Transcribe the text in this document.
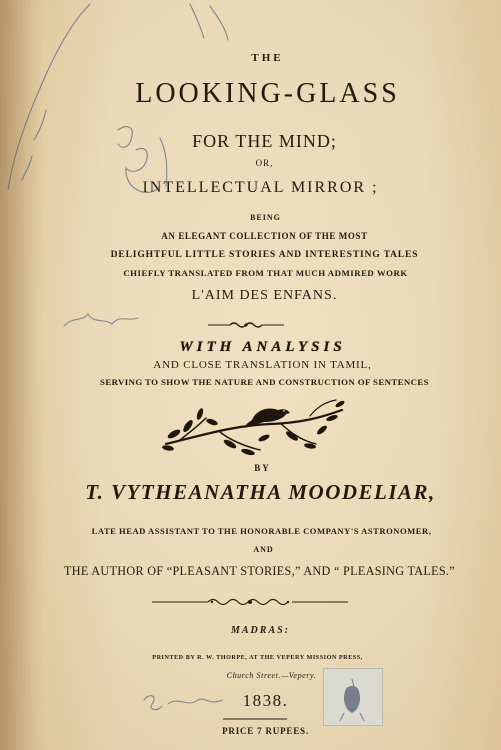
THE
LOOKING-GLASS
FOR THE MIND;
OR,
INTELLECTUAL MIRROR ;
BEING
AN ELEGANT COLLECTION OF THE MOST
DELIGHTFUL LITTLE STORIES AND INTERESTING TALES
CHIEFLY TRANSLATED FROM THAT MUCH ADMIRED WORK
L'AIM DES ENFANS.
WITH ANALYSIS
AND CLOSE TRANSLATION IN TAMIL,
SERVING TO SHOW THE NATURE AND CONSTRUCTION OF SENTENCES
BY
T. VYTHEANATHA MOODELIAR,
LATE HEAD ASSISTANT TO THE HONORABLE COMPANY'S ASTRONOMER,
AND
THE AUTHOR OF “PLEASANT STORIES,” AND “ PLEASING TALES.”
MADRAS:
PRINTED BY R. W. THORPE, AT THE VEPERY MISSION PRESS,
Church Street.—Vepery.
1838.
PRICE 7 RUPEES.
